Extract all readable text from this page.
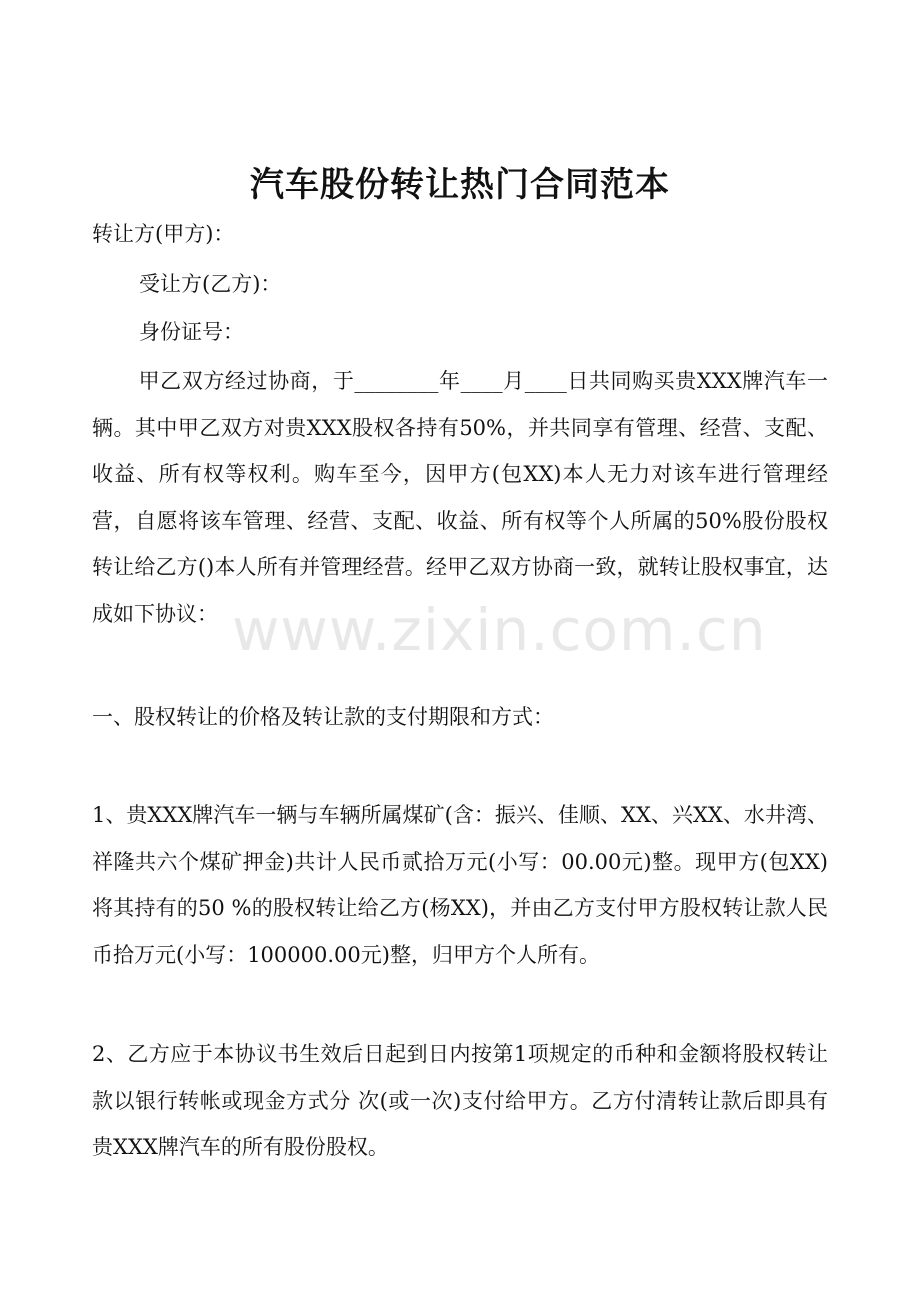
汽车股份转让热门合同范本
转让方(甲方)：
受让方(乙方)：
身份证号：
甲乙双方经过协商，于________年____月____日共同购买贵XXX牌汽车一辆。其中甲乙双方对贵XXX股权各持有50%，并共同享有管理、经营、支配、收益、所有权等权利。购车至今，因甲方(包XX)本人无力对该车进行管理经营，自愿将该车管理、经营、支配、收益、所有权等个人所属的50%股份股权转让给乙方()本人所有并管理经营。经甲乙双方协商一致，就转让股权事宜，达成如下协议：
一、股权转让的价格及转让款的支付期限和方式：
1、贵XXX牌汽车一辆与车辆所属煤矿(含：振兴、佳顺、XX、兴XX、水井湾、祥隆共六个煤矿押金)共计人民币贰拾万元(小写：00.00元)整。现甲方(包XX)将其持有的50 %的股权转让给乙方(杨XX)，并由乙方支付甲方股权转让款人民币拾万元(小写：100000.00元)整，归甲方个人所有。
2、乙方应于本协议书生效后日起到日内按第1项规定的币种和金额将股权转让款以银行转帐或现金方式分 次(或一次)支付给甲方。乙方付清转让款后即具有贵XXX牌汽车的所有股份股权。
www.zixin.com.cn
